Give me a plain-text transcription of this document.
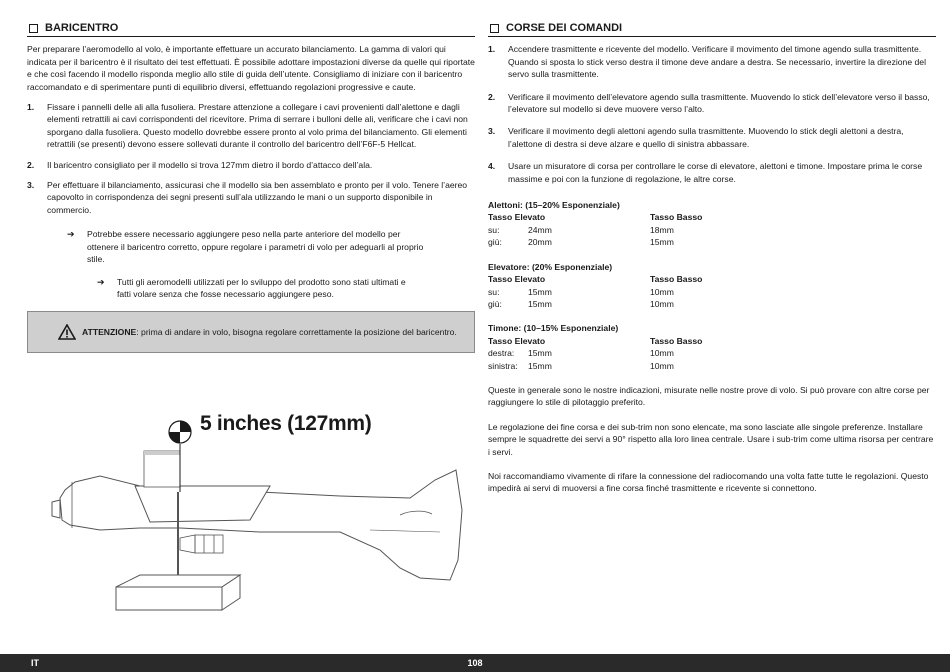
BARICENTRO

Per preparare l’aeromodello al volo, è importante effettuare un accurato bilanciamento. La gamma di valori qui indicata per il baricentro è il risultato dei test effettuati. È possibile adottare impostazioni diverse da quelle qui riportate e che così facendo il modello risponda meglio allo stile di guida dell’utente. Consigliamo di iniziare con il baricentro raccomandato e di sperimentare punti di equilibrio diversi, effettuando regolazioni progressive e caute.

1.	Fissare i pannelli delle ali alla fusoliera. Prestare attenzione a collegare i cavi provenienti dall’alettone e dagli elementi retrattili ai cavi corrispondenti del ricevitore. Prima di serrare i bulloni delle ali, verificare che i cavi non sporgano dalla fusoliera. Questo modello dovrebbe essere pronto al volo prima del bilanciamento. Gli elementi retrattili (se presenti) devono essere sollevati durante il controllo del baricentro dell’F6F-5 Hellcat.
2.	Il baricentro consigliato per il modello si trova 127mm dietro il bordo d’attacco dell’ala.
3.	Per effettuare il bilanciamento, assicurasi che il modello sia ben assemblato e pronto per il volo. Tenere l’aereo capovolto in corrispondenza dei segni presenti sull’ala utilizzando le mani o un supporto disponibile in commercio.
➔	Potrebbe essere necessario aggiungere peso nella parte anteriore del modello per ottenere il baricentro corretto, oppure regolare i parametri di volo per adeguarli al proprio stile.
➔	Tutti gli aeromodelli utilizzati per lo sviluppo del prodotto sono stati ultimati e fatti volare senza che fosse necessario aggiungere peso.
ATTENZIONE: prima di andare in volo, bisogna regolare correttamente la posizione del baricentro.
5 inches (127mm)
CORSE DEI COMANDI
1.	Accendere trasmittente e ricevente del modello. Verificare il movimento del timone agendo sulla trasmittente. Quando si sposta lo stick verso destra il timone deve andare a destra. Se necessario, invertire la direzione del servo sulla trasmittente.
2.	Verificare il movimento dell’elevatore agendo sulla trasmittente. Muovendo lo stick dell’elevatore verso il basso, l’elevatore sul modello si deve muovere verso l’alto.
3.	Verificare il movimento degli alettoni agendo sulla trasmittente. Muovendo lo stick degli alettoni a destra, l’alettone di destra si deve alzare e quello di sinistra abbassare.
4.	Usare un misuratore di corsa per controllare le corse di elevatore, alettoni e timone. Impostare prima le corse massime e poi con la funzione di regolazione, le altre corse.
Alettoni: (15–20% Esponenziale)
Tasso Elevato	Tasso Basso
su:	24mm	18mm
giù:	20mm	15mm
Elevatore: (20% Esponenziale)
Tasso Elevato	Tasso Basso
su:	15mm	10mm
giù:	15mm	10mm
Timone: (10–15% Esponenziale)
Tasso Elevato	Tasso Basso
destra:	15mm	10mm
sinistra:	15mm	10mm

Queste in generale sono le nostre indicazioni, misurate nelle nostre prove di volo. Si può provare con altre corse per raggiungere lo stile di pilotaggio preferito.

Le regolazione dei fine corsa e dei sub-trim non sono elencate, ma sono lasciate alle singole preferenze. Installare sempre le squadrette dei servi a 90° rispetto alla loro linea centrale. Usare i sub-trim come ultima risorsa per centrare i servi.

Noi raccomandiamo vivamente di rifare la connessione del radiocomando una volta fatte tutte le regolazioni. Questo impedirà ai servi di muoversi a fine corsa finché trasmittente e ricevente si connettono.

IT	108
